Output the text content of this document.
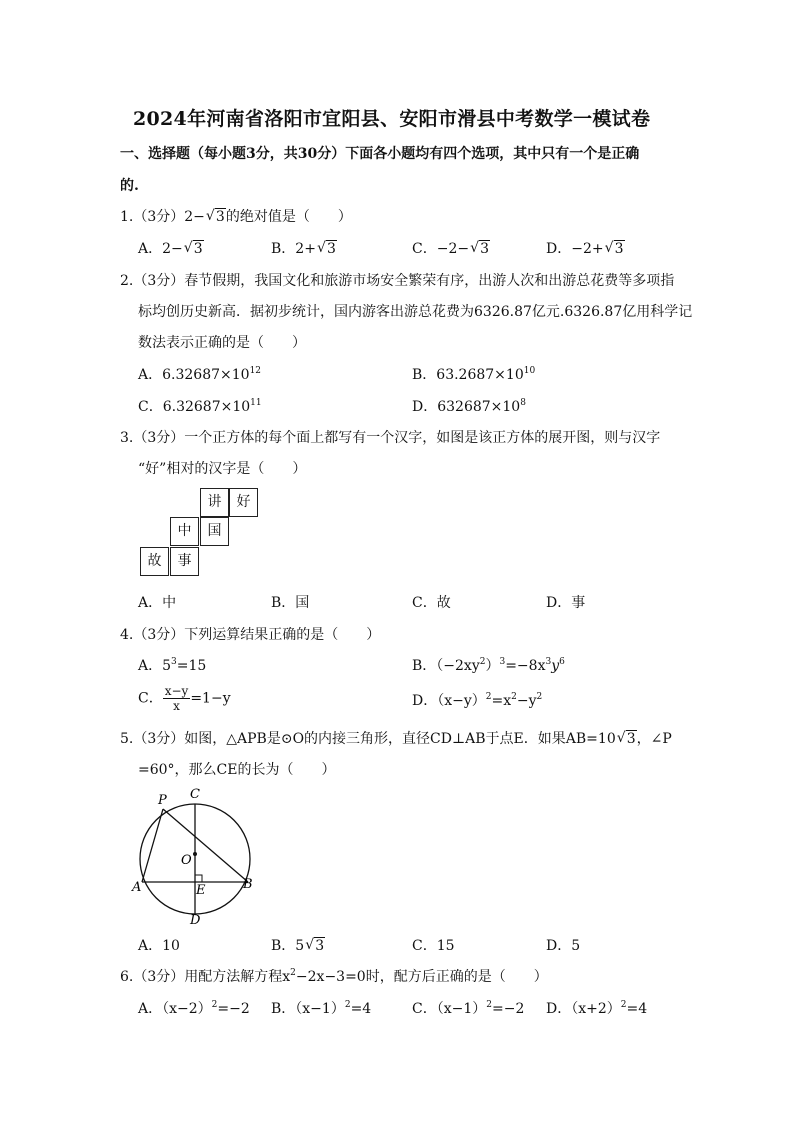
2024年河南省洛阳市宜阳县、安阳市滑县中考数学一模试卷
一、选择题（每小题3分，共30分）下面各小题均有四个选项，其中只有一个是正确
的.
1.（3分）2− √ 3的绝对值是（　　）
A．2− √ 3	B．2+ √ 3	C．−2− √ 3	D．−2+ √ 3
2.（3分）春节假期，我国文化和旅游市场安全繁荣有序，出游人次和出游总花费等多项指
标均创历史新高．据初步统计，国内游客出游总花费为6326.87亿元.6326.87亿用科学记
数法表示正确的是（　　）
A．$6.32687\times 10^{12}$	B．$63.2687\times 10^{10}$
C．$6.32687\times 10^{11}$	D．$632687\times 10^8$
3.（3分）一个正方体的每个面上都写有一个汉字，如图是该正方体的展开图，则与汉字
“好”相对的汉字是（　　）
讲	好
中	国
故	事
A．中	B．国	C．故	D．事
4.（3分）下列运算结果正确的是（　　）
A．$5^3=15$	B．$(-2xy^2)^3=-8x^3y^6$
C． $\frac{x-y}{x} =1-y$	D．$(x-y)^2=x^2-y^2$
5.（3分）如图，△APB是⊙O的内接三角形，直径CD⊥AB于点E．如果AB=10 √ 3，∠P
=60°，那么CE的长为（　　）
P C
O
A	E	B
D
A．10	B．5 √ 3	C．15	D．5
6.（3分）用配方法解方程$x^2-2x-3=0$时，配方后正确的是（　　）
A．$(x-2)^2=-2$ B．$(x-1)^2=4$	C．$(x-1)^2=-2$ D．$(x+2)^2=4$
